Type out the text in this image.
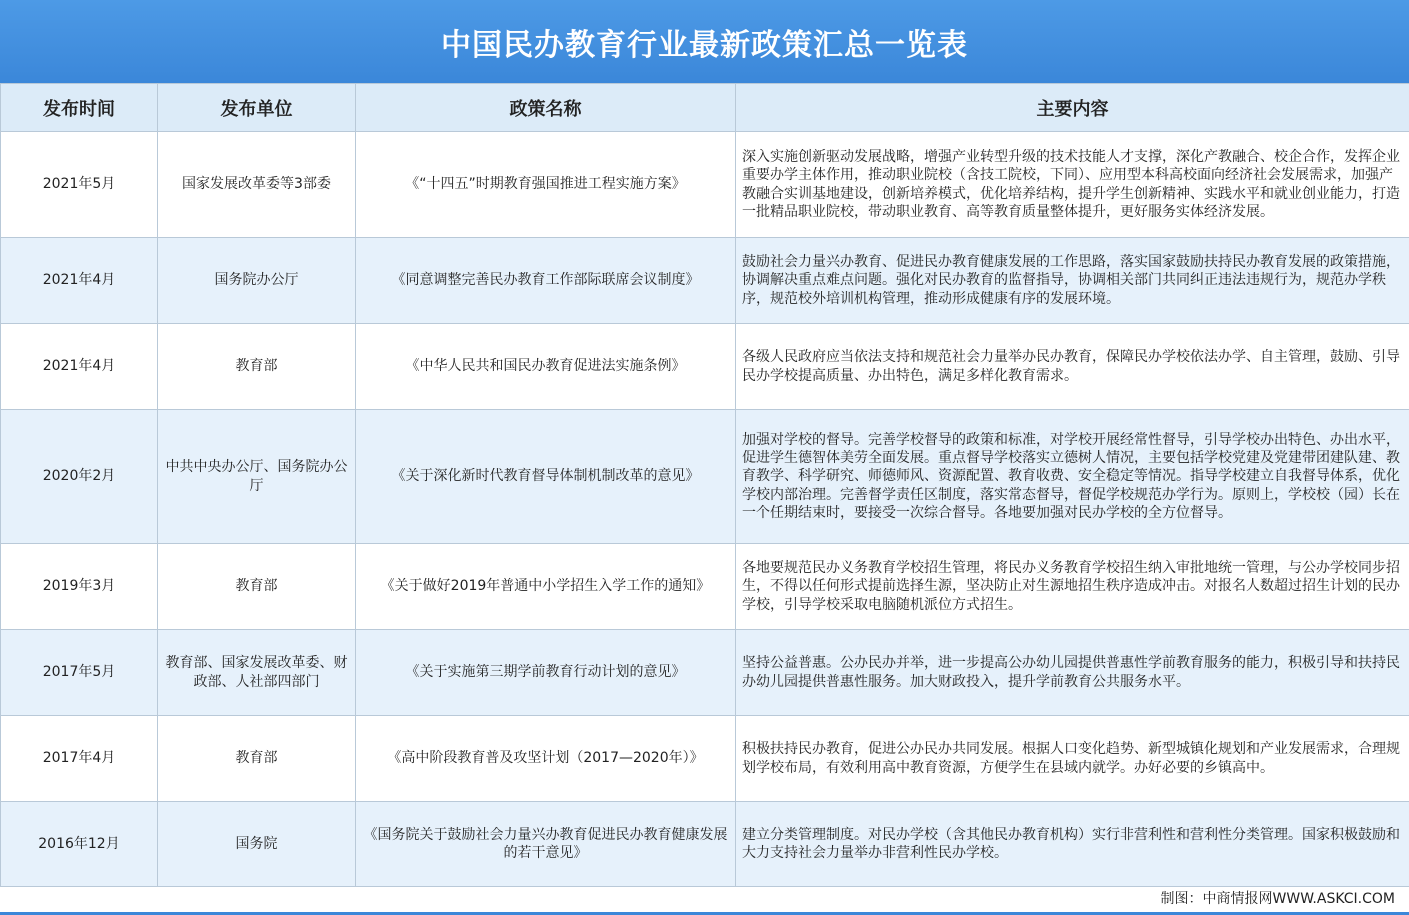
中国民办教育行业最新政策汇总一览表
发布时间	发布单位	政策名称	主要内容
2021年5月	国家发展改革委等3部委	《“十四五”时期教育强国推进工程实施方案》	深入实施创新驱动发展战略，增强产业转型升级的技术技能人才支撑，深化产教融合、校企合作，发挥企业重要办学主体作用，推动职业院校（含技工院校，下同）、应用型本科高校面向经济社会发展需求，加强产教融合实训基地建设，创新培养模式，优化培养结构，提升学生创新精神、实践水平和就业创业能力，打造一批精品职业院校，带动职业教育、高等教育质量整体提升，更好服务实体经济发展。
2021年4月	国务院办公厅	《同意调整完善民办教育工作部际联席会议制度》	鼓励社会力量兴办教育、促进民办教育健康发展的工作思路，落实国家鼓励扶持民办教育发展的政策措施，协调解决重点难点问题。强化对民办教育的监督指导，协调相关部门共同纠正违法违规行为，规范办学秩序，规范校外培训机构管理，推动形成健康有序的发展环境。
2021年4月	教育部	《中华人民共和国民办教育促进法实施条例》	各级人民政府应当依法支持和规范社会力量举办民办教育，保障民办学校依法办学、自主管理，鼓励、引导民办学校提高质量、办出特色，满足多样化教育需求。
2020年2月	中共中央办公厅、国务院办公厅	《关于深化新时代教育督导体制机制改革的意见》	加强对学校的督导。完善学校督导的政策和标准，对学校开展经常性督导，引导学校办出特色、办出水平，促进学生德智体美劳全面发展。重点督导学校落实立德树人情况，主要包括学校党建及党建带团建队建、教育教学、科学研究、师德师风、资源配置、教育收费、安全稳定等情况。指导学校建立自我督导体系，优化学校内部治理。完善督学责任区制度，落实常态督导，督促学校规范办学行为。原则上，学校校（园）长在一个任期结束时，要接受一次综合督导。各地要加强对民办学校的全方位督导。
2019年3月	教育部	《关于做好2019年普通中小学招生入学工作的通知》	各地要规范民办义务教育学校招生管理，将民办义务教育学校招生纳入审批地统一管理，与公办学校同步招生，不得以任何形式提前选择生源，坚决防止对生源地招生秩序造成冲击。对报名人数超过招生计划的民办学校，引导学校采取电脑随机派位方式招生。
2017年5月	教育部、国家发展改革委、财政部、人社部四部门	《关于实施第三期学前教育行动计划的意见》	坚持公益普惠。公办民办并举，进一步提高公办幼儿园提供普惠性学前教育服务的能力，积极引导和扶持民办幼儿园提供普惠性服务。加大财政投入，提升学前教育公共服务水平。
2017年4月	教育部	《高中阶段教育普及攻坚计划（2017—2020年）》	积极扶持民办教育，促进公办民办共同发展。根据人口变化趋势、新型城镇化规划和产业发展需求，合理规划学校布局，有效利用高中教育资源，方便学生在县域内就学。办好必要的乡镇高中。
2016年12月	国务院	《国务院关于鼓励社会力量兴办教育促进民办教育健康发展的若干意见》	建立分类管理制度。对民办学校（含其他民办教育机构）实行非营利性和营利性分类管理。国家积极鼓励和大力支持社会力量举办非营利性民办学校。
制图：中商情报网WWW.ASKCI.COM
